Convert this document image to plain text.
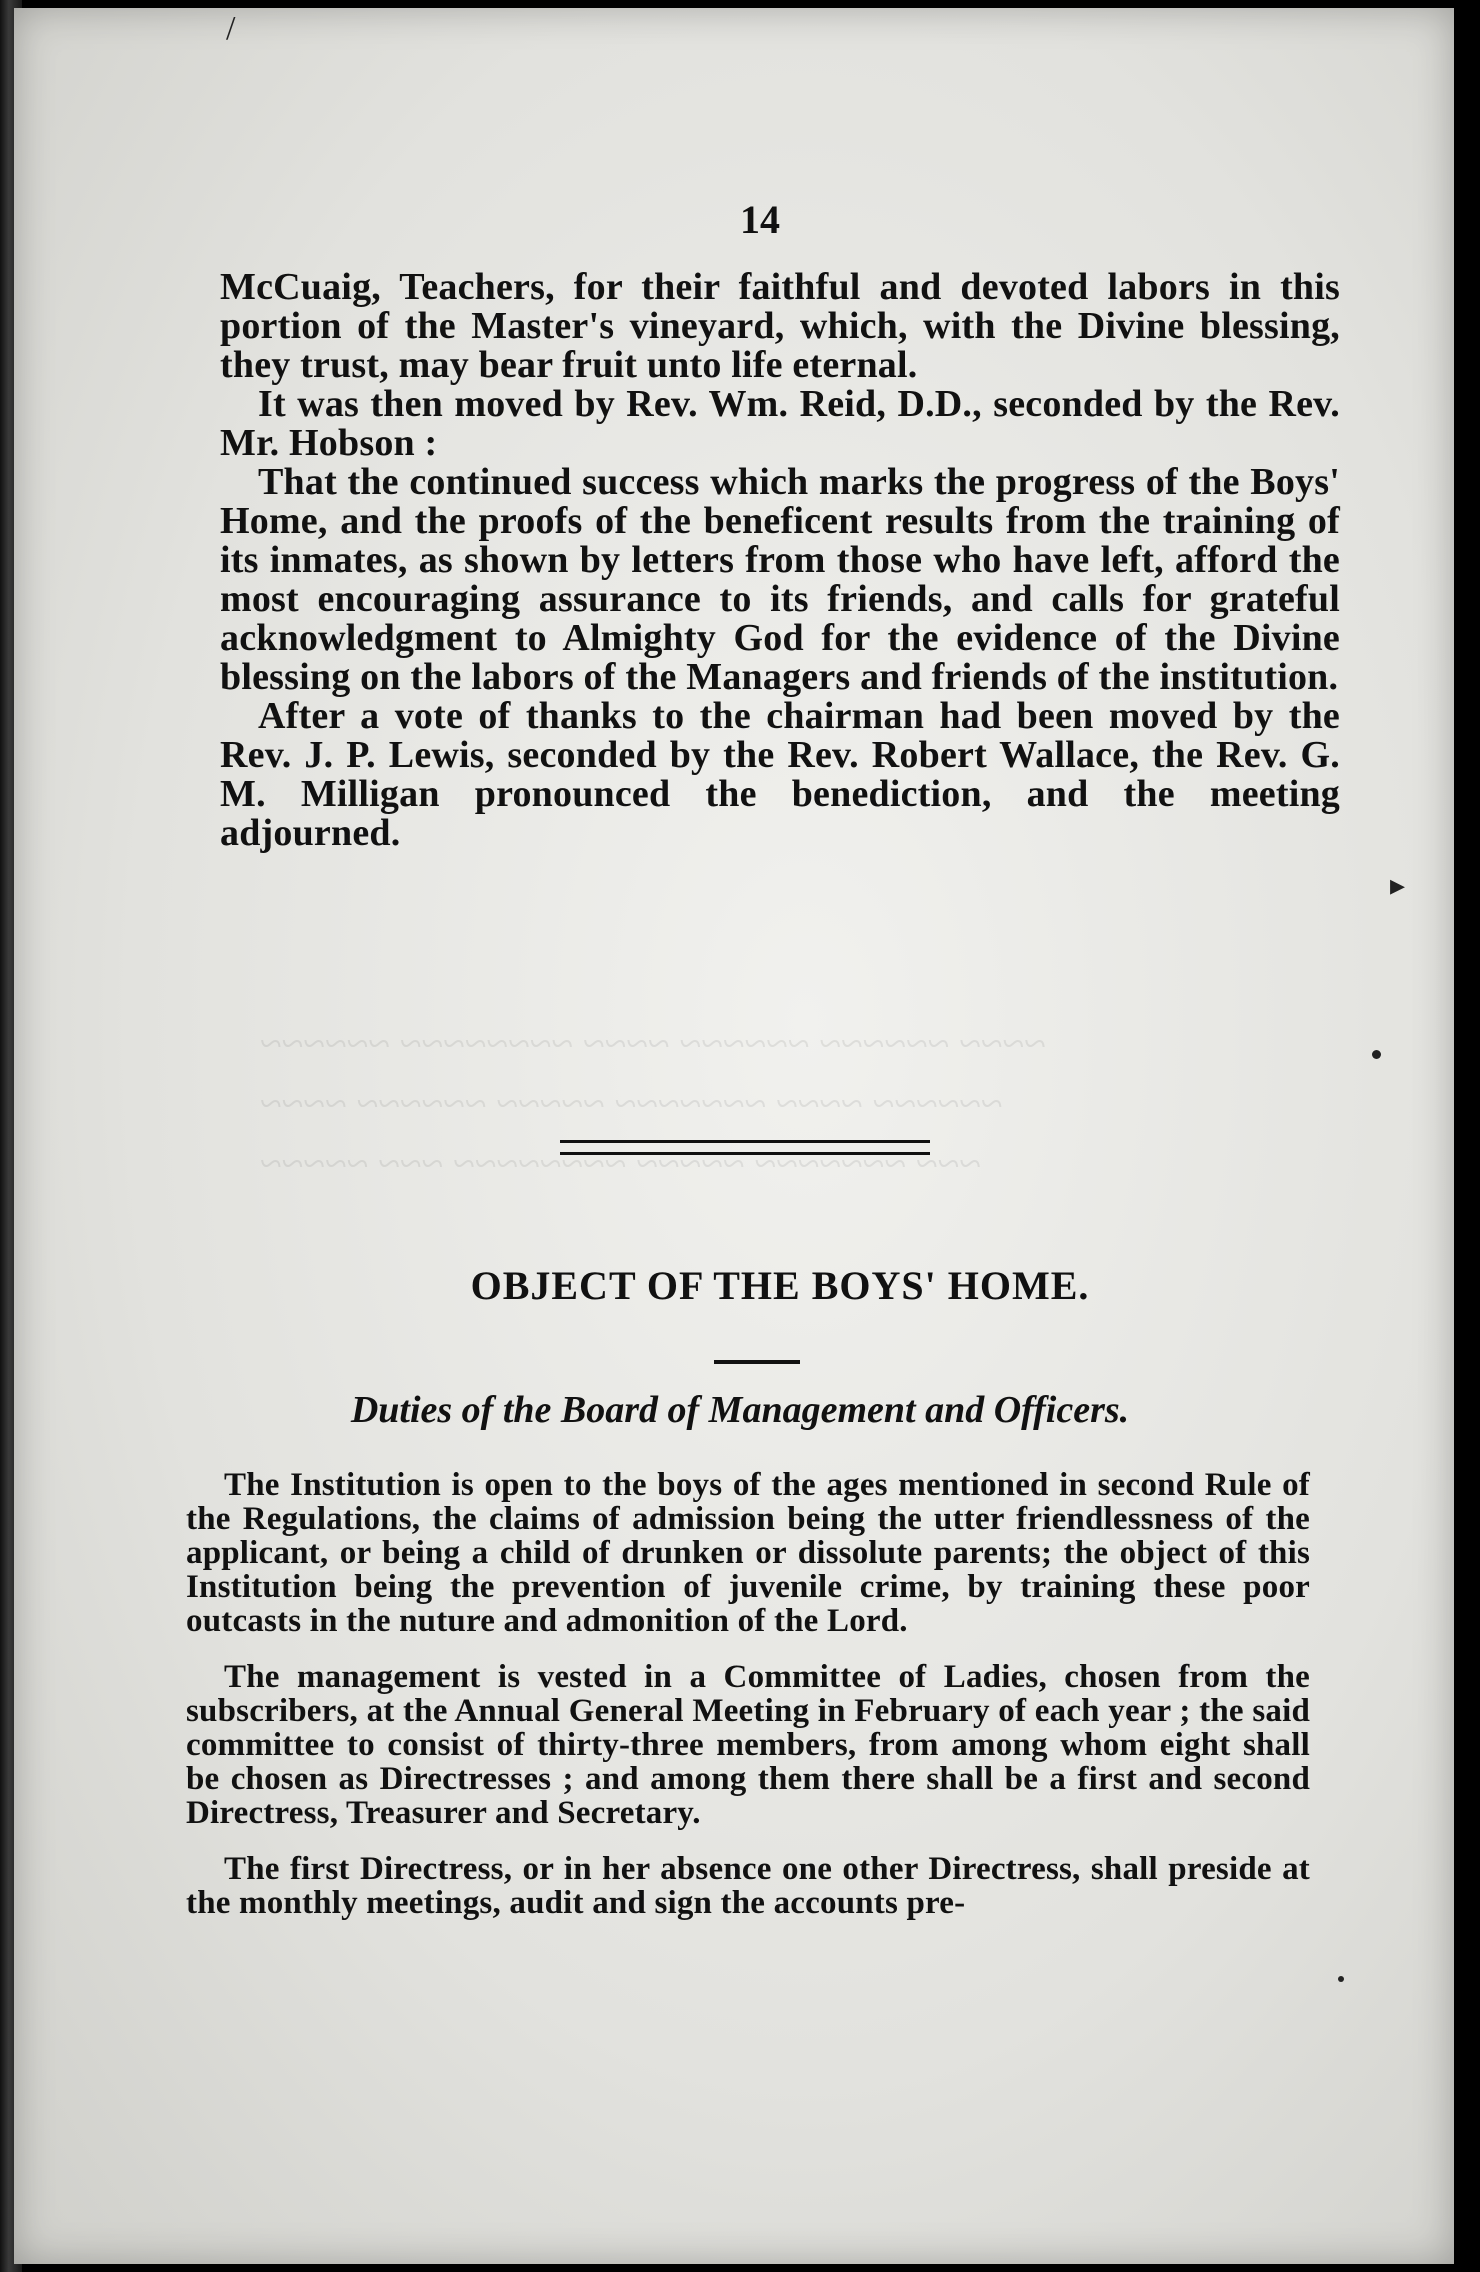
~~~~ ~~~~~~ ~~~~~~ ~~~~ ~~~~~~~~ ~~~~~~
~~~~~~ ~~~~ ~~~~~~~ ~~~~~ ~~~~~~ ~~~~
~~~ ~~~~~~~ ~~~~~ ~~~~~~~~ ~~~ ~~~~~
14

McCuaig, Teachers, for their faithful and devoted labors in this portion of the Master's vineyard, which, with the Divine blessing, they trust, may bear fruit unto life eternal.

It was then moved by Rev. Wm. Reid, D.D., seconded by the Rev. Mr. Hobson :

That the continued success which marks the progress of the Boys' Home, and the proofs of the beneficent results from the training of its inmates, as shown by letters from those who have left, afford the most encouraging assurance to its friends, and calls for grateful acknowledgment to Almighty God for the evidence of the Divine blessing on the labors of the Managers and friends of the institution.

After a vote of thanks to the chairman had been moved by the Rev. J. P. Lewis, seconded by the Rev. Robert Wallace, the Rev. G. M. Milligan pronounced the benediction, and the meeting adjourned.

OBJECT OF THE BOYS' HOME.
Duties of the Board of Management and Officers.

The Institution is open to the boys of the ages mentioned in second Rule of the Regulations, the claims of admission being the utter friendlessness of the applicant, or being a child of drunken or dissolute parents; the object of this Institution being the prevention of juvenile crime, by training these poor outcasts in the nuture and admonition of the Lord.

The management is vested in a Committee of Ladies, chosen from the subscribers, at the Annual General Meeting in February of each year ; the said committee to consist of thirty-three members, from among whom eight shall be chosen as Directresses ; and among them there shall be a first and second Directress, Treasurer and Secretary.

The first Directress, or in her absence one other Directress, shall preside at the monthly meetings, audit and sign the accounts pre-

/
▸
